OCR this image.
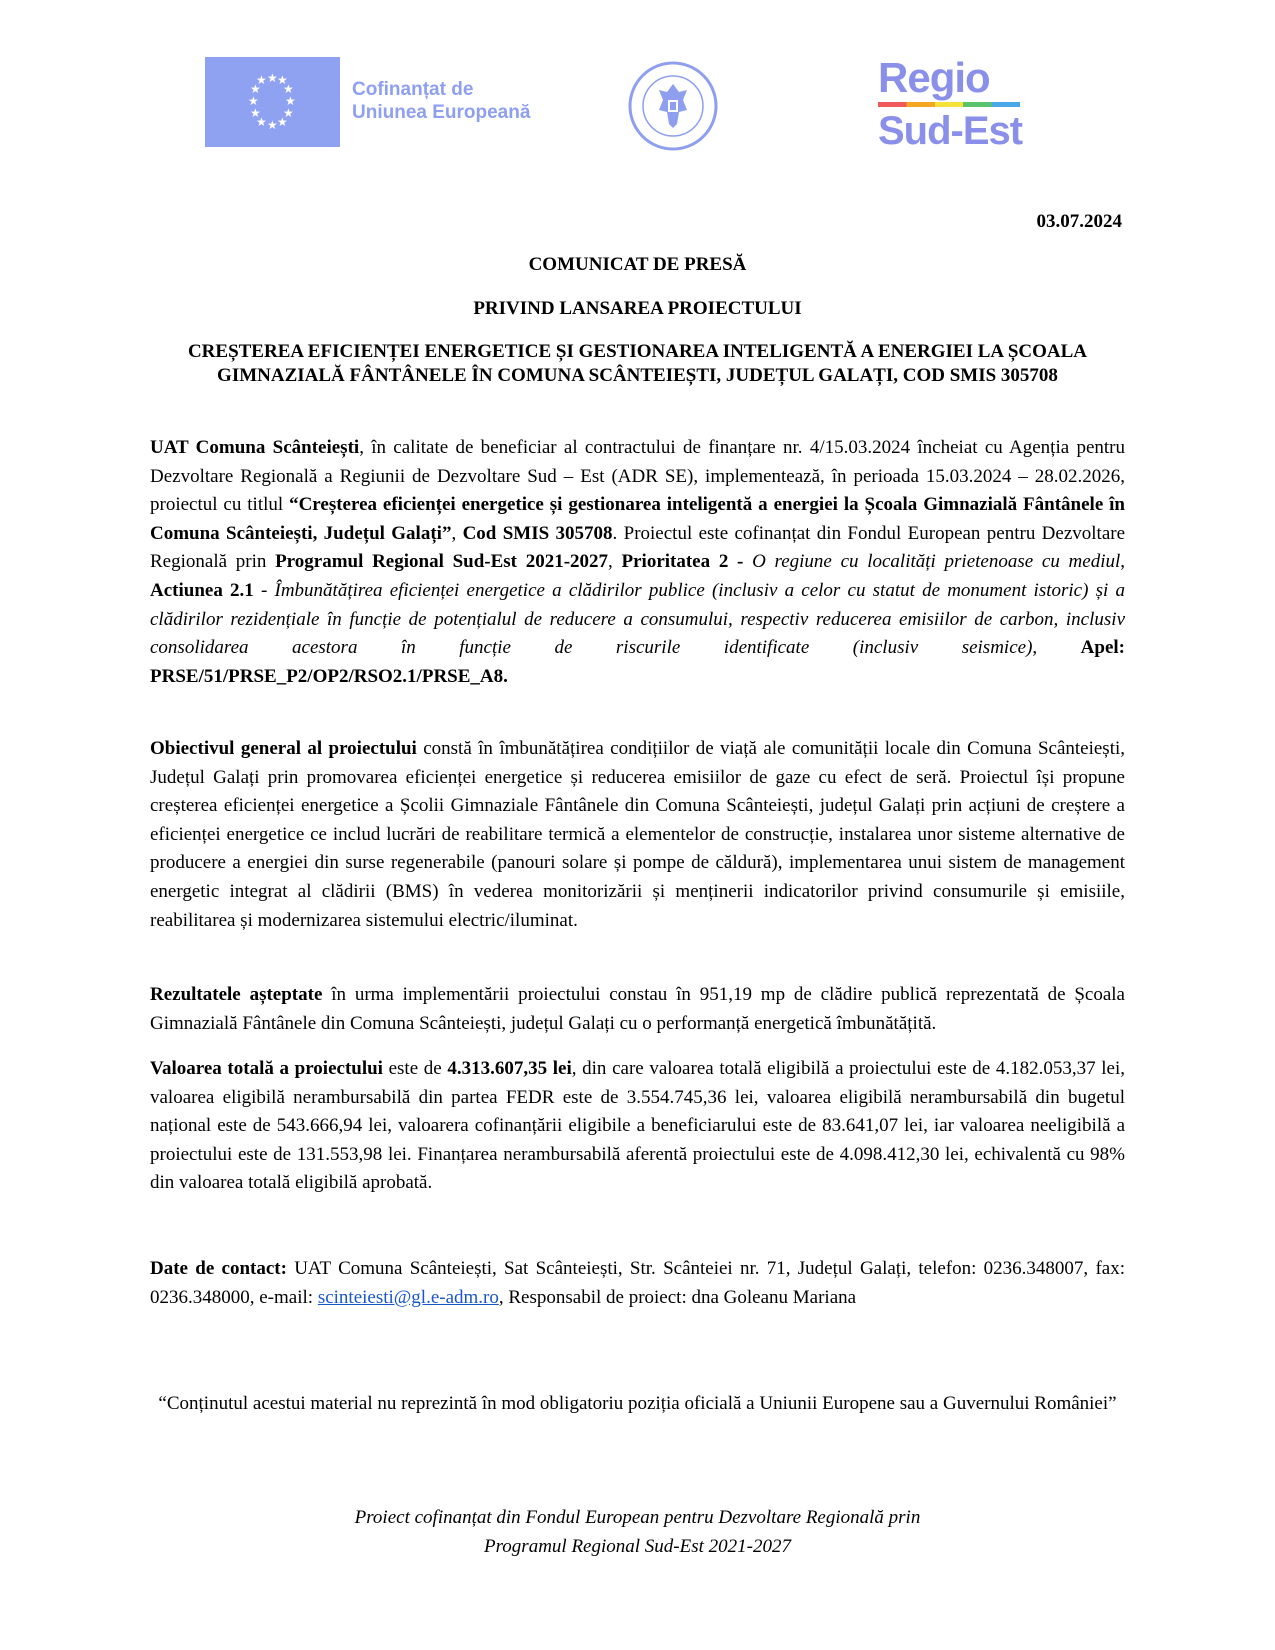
★ ★ ★
★
★
★
★
★
★
★
★
★	Cofinanțat de
Uniunea Europeană
Regio
Sud-Est
03.07.2024
COMUNICAT DE PRESĂ
PRIVIND LANSAREA PROIECTULUI
CREȘTEREA EFICIENȚEI ENERGETICE ȘI GESTIONAREA INTELIGENTĂ A ENERGIEI LA ȘCOALA GIMNAZIALĂ FÂNTÂNELE ÎN COMUNA SCÂNTEIEȘTI, JUDEȚUL GALAȚI, COD SMIS 305708
UAT Comuna Scânteiești, în calitate de beneficiar al contractului de finanțare nr. 4/15.03.2024 încheiat cu Agenția pentru Dezvoltare Regională a Regiunii de Dezvoltare Sud – Est (ADR SE), implementează, în perioada 15.03.2024 – 28.02.2026, proiectul cu titlul “Creșterea eficienței energetice și gestionarea inteligentă a energiei la Școala Gimnazială Fântânele în Comuna Scânteiești, Județul Galați”, Cod SMIS 305708. Proiectul este cofinanțat din Fondul European pentru Dezvoltare Regională prin Programul Regional Sud-Est 2021-2027, Prioritatea 2 - O regiune cu localități prietenoase cu mediul, Actiunea 2.1 - Îmbunătățirea eficienței energetice a clădirilor publice (inclusiv a celor cu statut de monument istoric) și a clădirilor rezidențiale în funcție de potențialul de reducere a consumului, respectiv reducerea emisiilor de carbon, inclusiv consolidarea acestora în funcție de riscurile identificate (inclusiv seismice), Apel: PRSE/51/PRSE_P2/OP2/RSO2.1/PRSE_A8.
Obiectivul general al proiectului constă în îmbunătățirea condițiilor de viață ale comunității locale din Comuna Scânteiești, Județul Galați prin promovarea eficienței energetice și reducerea emisiilor de gaze cu efect de seră. Proiectul își propune creșterea eficienței energetice a Școlii Gimnaziale Fântânele din Comuna Scânteiești, județul Galați prin acțiuni de creștere a eficienței energetice ce includ lucrări de reabilitare termică a elementelor de construcție, instalarea unor sisteme alternative de producere a energiei din surse regenerabile (panouri solare și pompe de căldură), implementarea unui sistem de management energetic integrat al clădirii (BMS) în vederea monitorizării și menținerii indicatorilor privind consumurile și emisiile, reabilitarea și modernizarea sistemului electric/iluminat.
Rezultatele așteptate în urma implementării proiectului constau în 951,19 mp de clădire publică reprezentată de Școala Gimnazială Fântânele din Comuna Scânteiești, județul Galați cu o performanță energetică îmbunătățită.
Valoarea totală a proiectului este de 4.313.607,35 lei, din care valoarea totală eligibilă a proiectului este de 4.182.053,37 lei, valoarea eligibilă nerambursabilă din partea FEDR este de 3.554.745,36 lei, valoarea eligibilă nerambursabilă din bugetul național este de 543.666,94 lei, valoarera cofinanțării eligibile a beneficiarului este de 83.641,07 lei, iar valoarea neeligibilă a proiectului este de 131.553,98 lei. Finanțarea nerambursabilă aferentă proiectului este de 4.098.412,30 lei, echivalentă cu 98% din valoarea totală eligibilă aprobată.
Date de contact: UAT Comuna Scânteiești, Sat Scânteiești, Str. Scânteiei nr. 71, Județul Galați, telefon: 0236.348007, fax: 0236.348000, e-mail: scinteiesti@gl.e-adm.ro, Responsabil de proiect: dna Goleanu Mariana
“Conținutul acestui material nu reprezintă în mod obligatoriu poziția oficială a Uniunii Europene sau a Guvernului României”
Proiect cofinanțat din Fondul European pentru Dezvoltare Regională prin
Programul Regional Sud-Est 2021-2027
